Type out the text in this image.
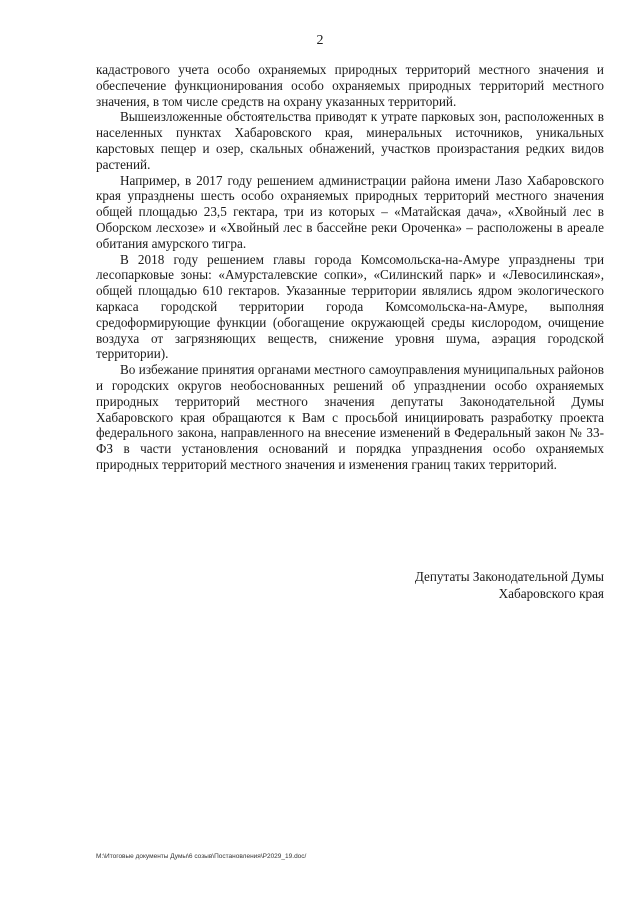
2

кадастрового учета особо охраняемых природных территорий местного значения и обеспечение функционирования особо охраняемых природных территорий местного значения, в том числе средств на охрану указанных территорий.

Вышеизложенные обстоятельства приводят к утрате парковых зон, расположенных в населенных пунктах Хабаровского края, минеральных источников, уникальных карстовых пещер и озер, скальных обнажений, участков произрастания редких видов растений.

Например, в 2017 году решением администрации района имени Лазо Хабаровского края упразднены шесть особо охраняемых природных территорий местного значения общей площадью 23,5 гектара, три из которых – «Матайская дача», «Хвойный лес в Оборском лесхозе» и «Хвойный лес в бассейне реки Ороченка» – расположены в ареале обитания амурского тигра.

В 2018 году решением главы города Комсомольска-на-Амуре упразднены три лесопарковые зоны: «Амурсталевские сопки», «Силинский парк» и «Левосилинская», общей площадью 610 гектаров. Указанные территории являлись ядром экологического каркаса городской территории города Комсомольска-на-Амуре, выполняя средоформирующие функции (обогащение окружающей среды кислородом, очищение воздуха от загрязняющих веществ, снижение уровня шума, аэрация городской территории).

Во избежание принятия органами местного самоуправления муниципальных районов и городских округов необоснованных решений об упразднении особо охраняемых природных территорий местного значения депутаты Законодательной Думы Хабаровского края обращаются к Вам с просьбой инициировать разработку проекта федерального закона, направленного на внесение изменений в Федеральный закон № 33-ФЗ в части установления оснований и порядка упразднения особо охраняемых природных территорий местного значения и изменения границ таких территорий.

Депутаты Законодательной Думы
Хабаровского края
М:\Итоговые документы Думы\6 созыв\Постановления\Р2029_19.doc/
